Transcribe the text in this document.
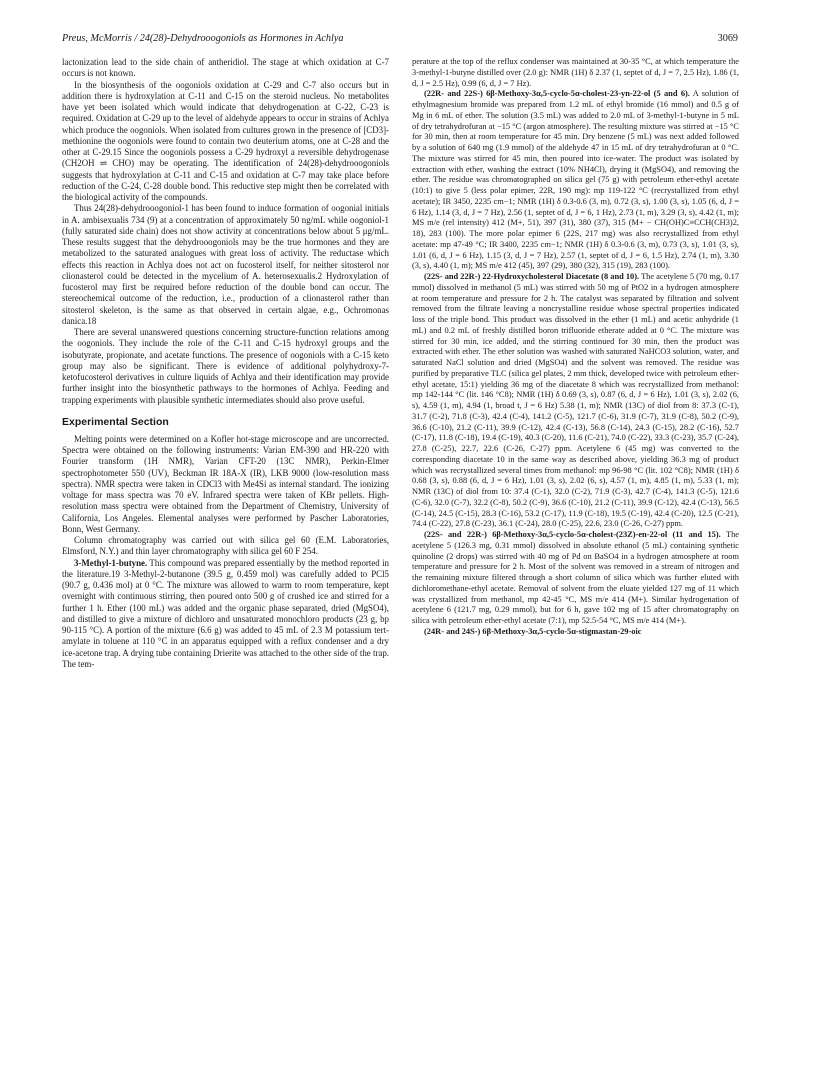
Preus, McMorris / 24(28)-Dehydrooogoniols as Hormones in Achlya	3069

lactonization lead to the side chain of antheridiol. The stage at which oxidation at C-7 occurs is not known.

In the biosynthesis of the oogoniols oxidation at C-29 and C-7 also occurs but in addition there is hydroxylation at C-11 and C-15 on the steroid nucleus. No metabolites have yet been isolated which would indicate that dehydrogenation at C-22, C-23 is required. Oxidation at C-29 up to the level of aldehyde appears to occur in strains of Achlya which produce the oogoniols. When isolated from cultures grown in the presence of [CD3]-methionine the oogoniols were found to contain two deuterium atoms, one at C-28 and the other at C-29.15 Since the oogoniols possess a C-29 hydroxyl a reversible dehydrogenase (CH2OH ⇌ CHO) may be operating. The identification of 24(28)-dehydrooogoniols suggests that hydroxylation at C-11 and C-15 and oxidation at C-7 may take place before reduction of the C-24, C-28 double bond. This reductive step might then be correlated with the biological activity of the compounds.

Thus 24(28)-dehydrooogoniol-1 has been found to induce formation of oogonial initials in A. ambisexualis 734 (9) at a concentration of approximately 50 ng/mL while oogoniol-1 (fully saturated side chain) does not show activity at concentrations below about 5 μg/mL. These results suggest that the dehydrooogoniols may be the true hormones and they are metabolized to the saturated analogues with great loss of activity. The reductase which effects this reaction in Achlya does not act on fucosterol itself, for neither sitosterol nor clionasterol could be detected in the mycelium of A. heterosexualis.2 Hydroxylation of fucosterol may first be required before reduction of the double bond can occur. The stereochemical outcome of the reduction, i.e., production of a clionasterol rather than sitosterol skeleton, is the same as that observed in certain algae, e.g., Ochromonas danica.18

There are several unanswered questions concerning structure-function relations among the oogoniols. They include the role of the C-11 and C-15 hydroxyl groups and the isobutyrate, propionate, and acetate functions. The presence of oogoniols with a C-15 keto group may also be significant. There is evidence of additional polyhydroxy-7-ketofucosterol derivatives in culture liquids of Achlya and their identification may provide further insight into the biosynthetic pathways to the hormones of Achlya. Feeding and trapping experiments with plausible synthetic intermediates should also prove useful.

Experimental Section

Melting points were determined on a Kofler hot-stage microscope and are uncorrected. Spectra were obtained on the following instruments: Varian EM-390 and HR-220 with Fourier transform (1H NMR), Varian CFT-20 (13C NMR), Perkin-Elmer spectrophotometer 550 (UV), Beckman IR 18A-X (IR), LKB 9000 (low-resolution mass spectra). NMR spectra were taken in CDCl3 with Me4Si as internal standard. The ionizing voltage for mass spectra was 70 eV. Infrared spectra were taken of KBr pellets. High-resolution mass spectra were obtained from the Department of Chemistry, University of California, Los Angeles. Elemental analyses were performed by Pascher Laboratories, Bonn, West Germany.

Column chromatography was carried out with silica gel 60 (E.M. Laboratories, Elmsford, N.Y.) and thin layer chromatography with silica gel 60 F 254.

3-Methyl-1-butyne. This compound was prepared essentially by the method reported in the literature.19 3-Methyl-2-butanone (39.5 g, 0.459 mol) was carefully added to PCl5 (90.7 g, 0.436 mol) at 0 °C. The mixture was allowed to warm to room temperature, kept overnight with continuous stirring, then poured onto 500 g of crushed ice and stirred for a further 1 h. Ether (100 mL) was added and the organic phase separated, dried (MgSO4), and distilled to give a mixture of dichloro and unsaturated monochloro products (23 g, bp 90-115 °C). A portion of the mixture (6.6 g) was added to 45 mL of 2.3 M potassium tert-amylate in toluene at 110 °C in an apparatus equipped with a reflux condenser and a dry ice-acetone trap. A drying tube containing Drierite was attached to the other side of the trap. The tem-

perature at the top of the reflux condenser was maintained at 30-35 °C, at which temperature the 3-methyl-1-butyne distilled over (2.0 g): NMR (1H) δ 2.37 (1, septet of d, J = 7, 2.5 Hz), 1.86 (1, d, J = 2.5 Hz), 0.99 (6, d, J = 7 Hz).

(22R- and 22S-) 6β-Methoxy-3α,5-cyclo-5α-cholest-23-yn-22-ol (5 and 6). A solution of ethylmagnesium bromide was prepared from 1.2 mL of ethyl bromide (16 mmol) and 0.5 g of Mg in 6 mL of ether. The solution (3.5 mL) was added to 2.0 mL of 3-methyl-1-butyne in 5 mL of dry tetrahydrofuran at −15 °C (argon atmosphere). The resulting mixture was stirred at −15 °C for 30 min, then at room temperature for 45 min. Dry benzene (5 mL) was next added followed by a solution of 640 mg (1.9 mmol) of the aldehyde 47 in 15 mL of dry tetrahydrofuran at 0 °C. The mixture was stirred for 45 min, then poured into ice-water. The product was isolated by extraction with ether, washing the extract (10% NH4Cl), drying it (MgSO4), and removing the ether. The residue was chromatographed on silica gel (75 g) with petroleum ether-ethyl acetate (10:1) to give 5 (less polar epimer, 22R, 190 mg): mp 119-122 °C (recrystallized from ethyl acetate); IR 3450, 2235 cm−1; NMR (1H) δ 0.3-0.6 (3, m), 0.72 (3, s), 1.00 (3, s), 1.05 (6, d, J = 6 Hz), 1.14 (3, d, J = 7 Hz), 2.56 (1, septet of d, J = 6, 1 Hz), 2.73 (1, m), 3.29 (3, s), 4.42 (1, m); MS m/e (rel intensity) 412 (M+, 51), 397 (31), 380 (37), 315 (M+ − CH(OH)C≡CCH(CH3)2, 18), 283 (100). The more polar epimer 6 (22S, 217 mg) was also recrystallized from ethyl acetate: mp 47-49 °C; IR 3400, 2235 cm−1; NMR (1H) δ 0.3-0.6 (3, m), 0.73 (3, s), 1.01 (3, s), 1.01 (6, d, J = 6 Hz), 1.15 (3, d, J = 7 Hz), 2.57 (1, septet of d, J = 6, 1.5 Hz), 2.74 (1, m), 3.30 (3, s), 4.40 (1, m); MS m/e 412 (45), 397 (29), 380 (32), 315 (19), 283 (100).

(22S- and 22R-) 22-Hydroxycholesterol Diacetate (8 and 10). The acetylene 5 (70 mg, 0.17 mmol) dissolved in methanol (5 mL) was stirred with 50 mg of PtO2 in a hydrogen atmosphere at room temperature and pressure for 2 h. The catalyst was separated by filtration and solvent removed from the filtrate leaving a noncrystalline residue whose spectral properties indicated loss of the triple bond. This product was dissolved in the ether (1 mL) and acetic anhydride (1 mL) and 0.2 mL of freshly distilled boron trifluoride etherate added at 0 °C. The mixture was stirred for 30 min, ice added, and the stirring continued for 30 min, then the product was extracted with ether. The ether solution was washed with saturated NaHCO3 solution, water, and saturated NaCl solution and dried (MgSO4) and the solvent was removed. The residue was purified by preparative TLC (silica gel plates, 2 mm thick, developed twice with petroleum ether-ethyl acetate, 15:1) yielding 36 mg of the diacetate 8 which was recrystallized from methanol: mp 142-144 °C (lit. 146 °C8); NMR (1H) δ 0.69 (3, s), 0.87 (6, d, J = 6 Hz), 1.01 (3, s), 2.02 (6, s), 4.59 (1, m), 4.94 (1, broad t, J = 6 Hz) 5.38 (1, m); NMR (13C) of diol from 8: 37.3 (C-1), 31.7 (C-2), 71.8 (C-3), 42.4 (C-4), 141.2 (C-5), 121.7 (C-6), 31.9 (C-7), 31.9 (C-8), 50.2 (C-9), 36.6 (C-10), 21.2 (C-11), 39.9 (C-12), 42.4 (C-13), 56.8 (C-14), 24.3 (C-15), 28.2 (C-16), 52.7 (C-17), 11.8 (C-18), 19.4 (C-19), 40.3 (C-20), 11.6 (C-21), 74.0 (C-22), 33.3 (C-23), 35.7 (C-24), 27.8 (C-25), 22.7, 22.6 (C-26, C-27) ppm. Acetylene 6 (45 mg) was converted to the corresponding diacetate 10 in the same way as described above, yielding 36.3 mg of product which was recrystallized several times from methanol: mp 96-98 °C (lit. 102 °C8); NMR (1H) δ 0.68 (3, s), 0.88 (6, d, J = 6 Hz), 1.01 (3, s), 2.02 (6, s), 4.57 (1, m), 4.85 (1, m), 5.33 (1, m); NMR (13C) of diol from 10: 37.4 (C-1), 32.0 (C-2), 71.9 (C-3), 42.7 (C-4), 141.3 (C-5), 121.6 (C-6), 32.0 (C-7), 32.2 (C-8), 50.2 (C-9), 36.6 (C-10), 21.2 (C-11), 39.9 (C-12), 42.4 (C-13), 56.5 (C-14), 24.5 (C-15), 28.3 (C-16), 53.2 (C-17), 11.9 (C-18), 19.5 (C-19), 42.4 (C-20), 12.5 (C-21), 74.4 (C-22), 27.8 (C-23), 36.1 (C-24), 28.0 (C-25), 22.6, 23.0 (C-26, C-27) ppm.

(22S- and 22R-) 6β-Methoxy-3α,5-cyclo-5α-cholest-(23Z)-en-22-ol (11 and 15). The acetylene 5 (126.3 mg, 0.31 mmol) dissolved in absolute ethanol (5 mL) containing synthetic quinoline (2 drops) was stirred with 40 mg of Pd on BaSO4 in a hydrogen atmosphere at room temperature and pressure for 2 h. Most of the solvent was removed in a stream of nitrogen and the remaining mixture filtered through a short column of silica which was further eluted with dichloromethane-ethyl acetate. Removal of solvent from the eluate yielded 127 mg of 11 which was crystallized from methanol, mp 42-45 °C, MS m/e 414 (M+). Similar hydrogenation of acetylene 6 (121.7 mg, 0.29 mmol), but for 6 h, gave 102 mg of 15 after chromatography on silica with petroleum ether-ethyl acetate (7:1), mp 52.5-54 °C, MS m/e 414 (M+).

(24R- and 24S-) 6β-Methoxy-3α,5-cyclo-5α-stigmastan-29-oic
